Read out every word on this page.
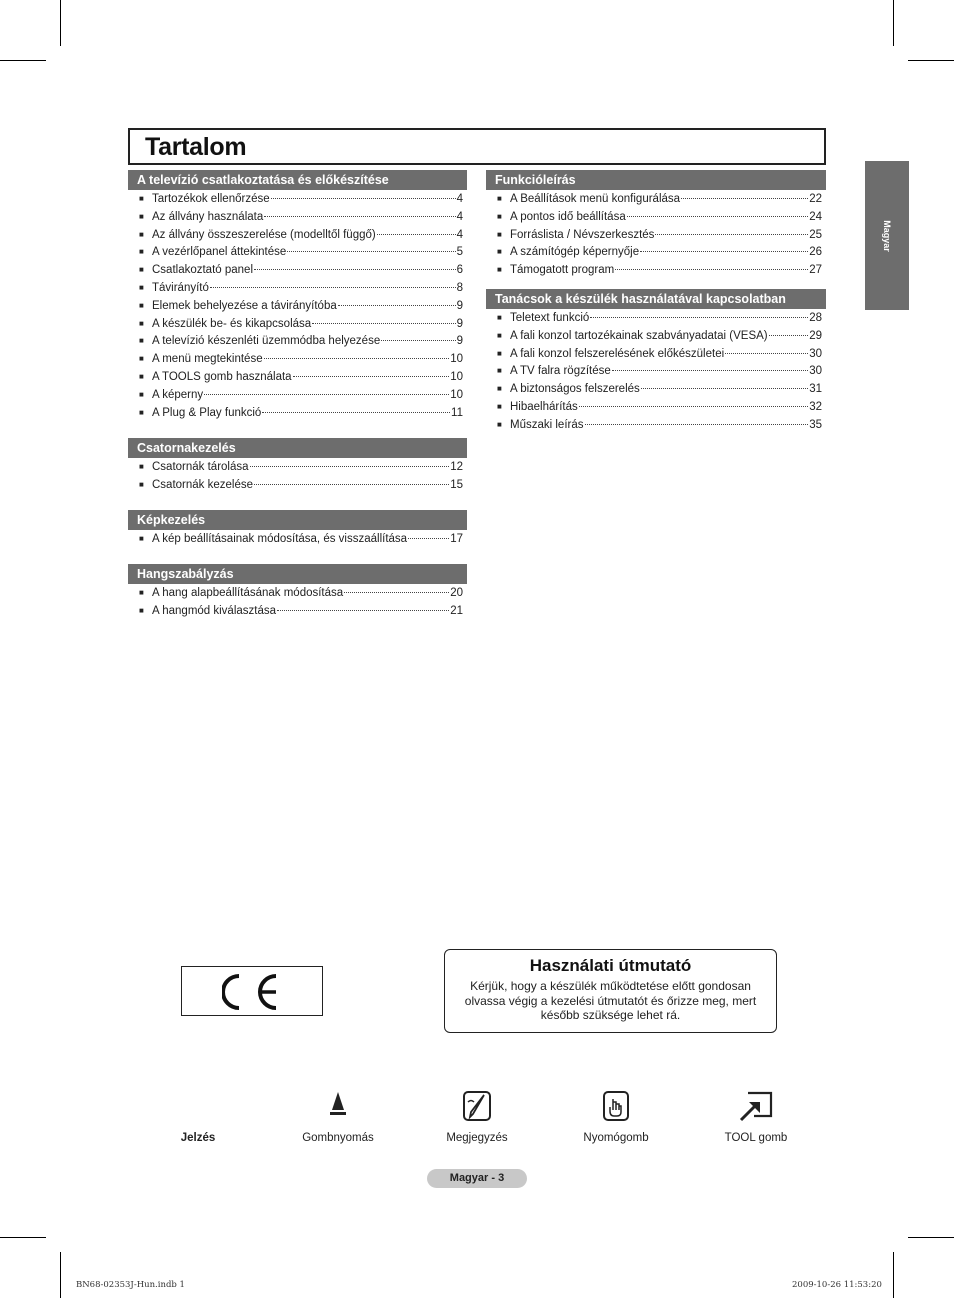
Tartalom
Magyar
A televízió csatlakoztatása és előkészítése
■ Tartozékok ellenőrzése	4
■ Az állvány használata	4
■ Az állvány összeszerelése (modelltől függő)	4
■ A vezérlőpanel áttekintése	5
■ Csatlakoztató panel	6
■ Távirányító	8
■ Elemek behelyezése a távirányítóba	9
■ A készülék be- és kikapcsolása	9
■ A televízió készenléti üzemmódba helyezése	9
■ A menü megtekintése	10
■ A TOOLS gomb használata	10
■ A képerny	10
■ A Plug & Play funkció	11
Csatornakezelés
■ Csatornák tárolása	12
■ Csatornák kezelése	15
Képkezelés
■ A kép beállításainak módosítása, és visszaállítása	17
Hangszabályzás
■ A hang alapbeállításának módosítása	20
■ A hangmód kiválasztása	21
Funkcióleírás
■ A Beállítások menü konfigurálása	22
■ A pontos idő beállítása	24
■ Forráslista / Névszerkesztés	25
■ A számítógép képernyője	26
■ Támogatott program	27
Tanácsok a készülék használatával kapcsolatban
■ Teletext funkció	28
■ A fali konzol tartozékainak szabványadatai (VESA)	29
■ A fali konzol felszerelésének előkészületei	30
■ A TV falra rögzítése	30
■ A biztonságos felszerelés	31
■ Hibaelhárítás	32
■ Műszaki leírás	35
Használati útmutató

Kérjük, hogy a készülék működtetése előtt gondosan olvassa végig a kezelési útmutatót és őrizze meg, mert később szüksége lehet rá.

Jelzés	Gombnyomás	Megjegyzés	Nyomógomb	TOOL gomb
Magyar - 3
BN68-02353J-Hun.indb 1	2009-10-26 11:53:20
